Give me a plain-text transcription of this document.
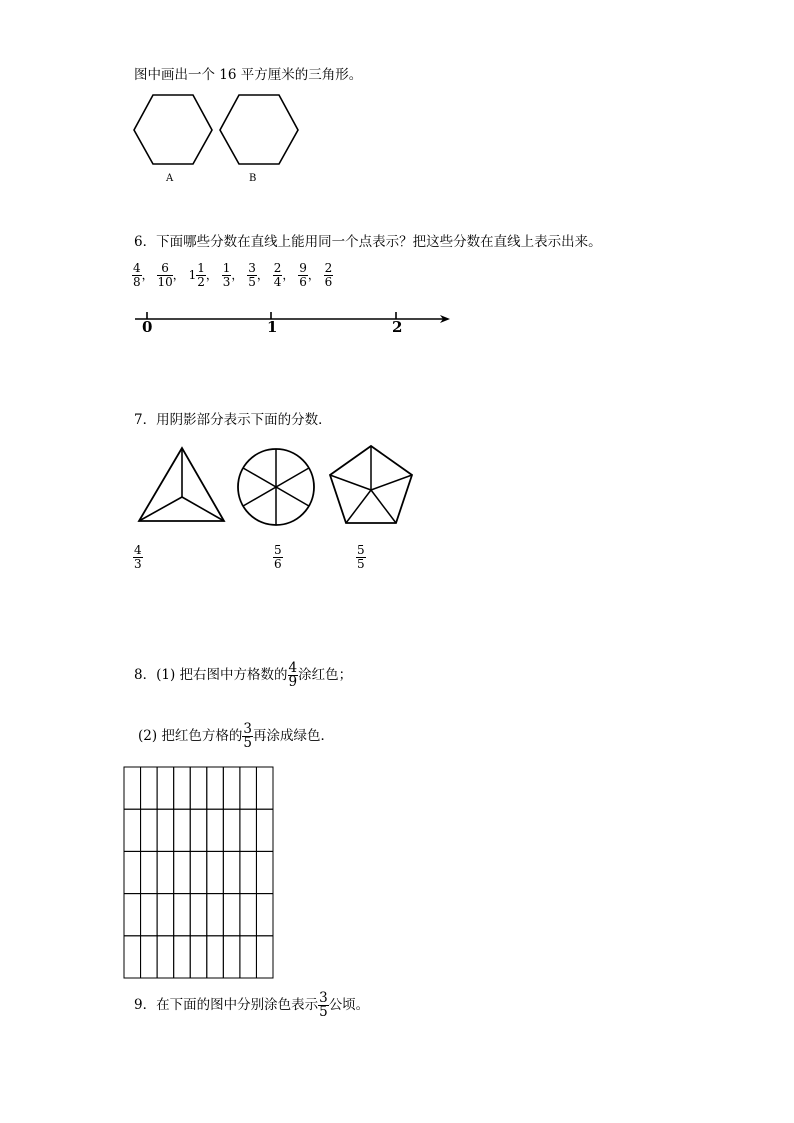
图中画出一个 16 平方厘米的三角形。
A	B
6．下面哪些分数在直线上能用同一个点表示？把这些分数在直线上表示出来。
$\frac{4}{8}$ ， $\frac{6}{10}$ ， $1 \frac{1}{2}$ ， $\frac{1}{3}$ ， $\frac{3}{5}$ ， $\frac{2}{4}$ ， $\frac{9}{6}$ ， $\frac{2}{6}$
0	1	2
7．用阴影部分表示下面的分数．
$\frac{4}{3}$	$\frac{5}{6}$	$\frac{5}{5}$
8．(1) 把右图中方格数的 $\frac{4}{9}$ 涂红色；
(2) 把红色方格的 $\frac{3}{5}$ 再涂成绿色．
9．在下面的图中分别涂色表示 $\frac{3}{5}$ 公顷。
